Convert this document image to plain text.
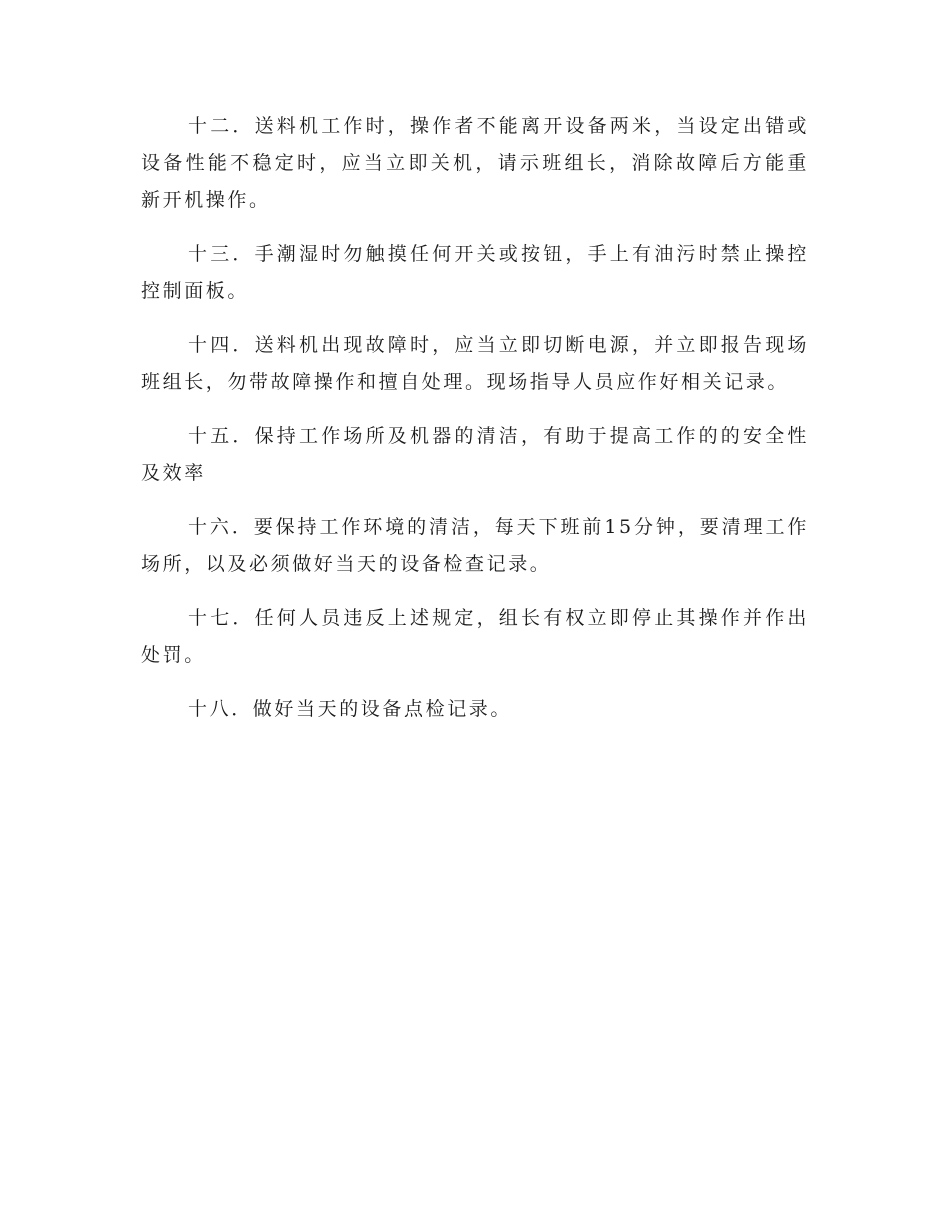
十二．送料机工作时，操作者不能离开设备两米，当设定出错或设备性能不稳定时，应当立即关机，请示班组长，消除故障后方能重新开机操作。

十三．手潮湿时勿触摸任何开关或按钮，手上有油污时禁止操控控制面板。

十四．送料机出现故障时，应当立即切断电源，并立即报告现场班组长，勿带故障操作和擅自处理。现场指导人员应作好相关记录。

十五．保持工作场所及机器的清洁，有助于提高工作的的安全性及效率

十六．要保持工作环境的清洁，每天下班前15分钟，要清理工作场所，以及必须做好当天的设备检查记录。

十七．任何人员违反上述规定，组长有权立即停止其操作并作出处罚。

十八．做好当天的设备点检记录。
